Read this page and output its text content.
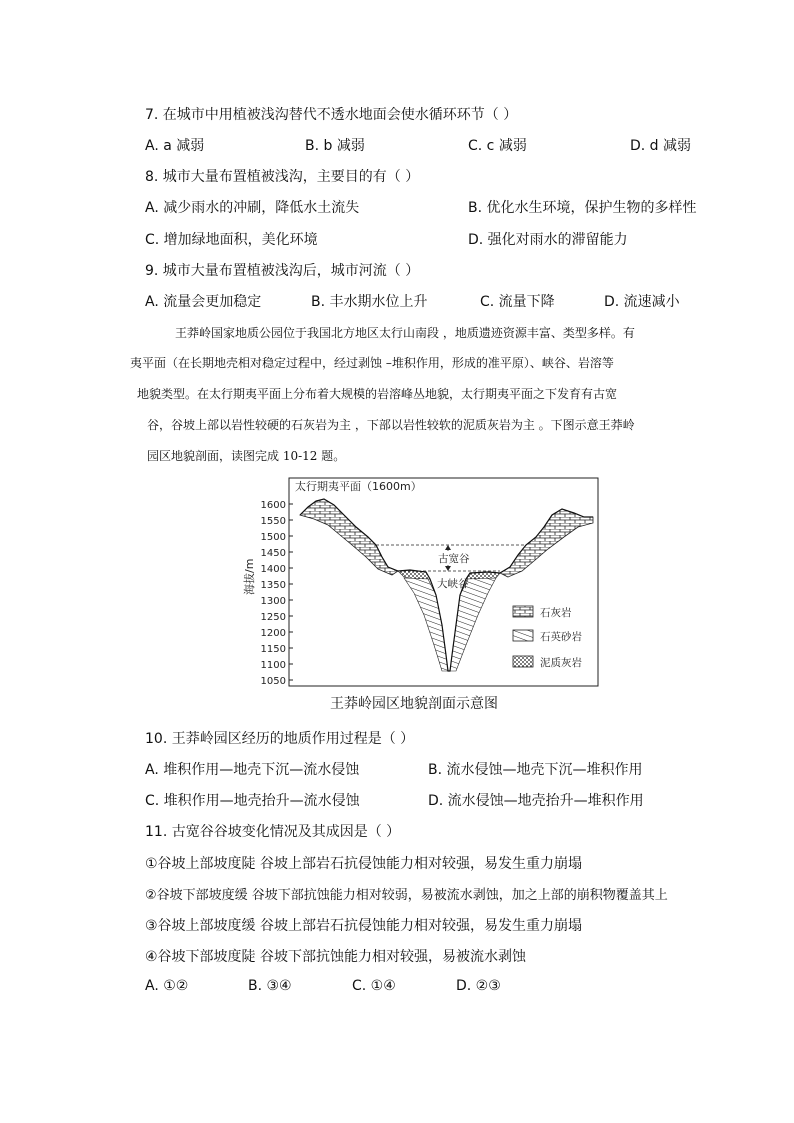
7. 在城市中用植被浅沟替代不透水地面会使水循环环节（ ）
A. a 减弱	B. b 减弱	C. c 减弱	D. d 减弱
8. 城市大量布置植被浅沟，主要目的有（ ）
A. 减少雨水的冲刷，降低水土流失	B. 优化水生环境，保护生物的多样性
C. 增加绿地面积，美化环境	D. 强化对雨水的滞留能力
9. 城市大量布置植被浅沟后，城市河流（ ）
A. 流量会更加稳定	B. 丰水期水位上升	C. 流量下降	D. 流速减小
王莽岭国家地质公园位于我国北方地区太行山南段 ，地质遗迹资源丰富、类型多样。有
夷平面（在长期地壳相对稳定过程中，经过剥蚀 –堆积作用，形成的准平原）、峡谷、岩溶等
地貌类型。在太行期夷平面上分布着大规模的岩溶峰丛地貌，太行期夷平面之下发育有古宽
谷，谷坡上部以岩性较硬的石灰岩为主 ，下部以岩性较软的泥质灰岩为主 。下图示意王莽岭
园区地貌剖面，读图完成 10-12 题。
1600
1550
1500
1450
1400
1350
1300
1250
1200
1150
1100
1050
海拔/m
太行期夷平面（1600m）
古宽谷
大峡谷
石灰岩
石英砂岩
泥质灰岩
王莽岭园区地貌剖面示意图
10. 王莽岭园区经历的地质作用过程是（ ）
A. 堆积作用—地壳下沉—流水侵蚀	B. 流水侵蚀—地壳下沉—堆积作用
C. 堆积作用—地壳抬升—流水侵蚀	D. 流水侵蚀—地壳抬升—堆积作用
11. 古宽谷谷坡变化情况及其成因是（ ）
①谷坡上部坡度陡 谷坡上部岩石抗侵蚀能力相对较强，易发生重力崩塌
②谷坡下部坡度缓 谷坡下部抗蚀能力相对较弱，易被流水剥蚀，加之上部的崩积物覆盖其上
③谷坡上部坡度缓 谷坡上部岩石抗侵蚀能力相对较强，易发生重力崩塌
④谷坡下部坡度陡 谷坡下部抗蚀能力相对较强，易被流水剥蚀
A. ①②	B. ③④	C. ①④	D. ②③
